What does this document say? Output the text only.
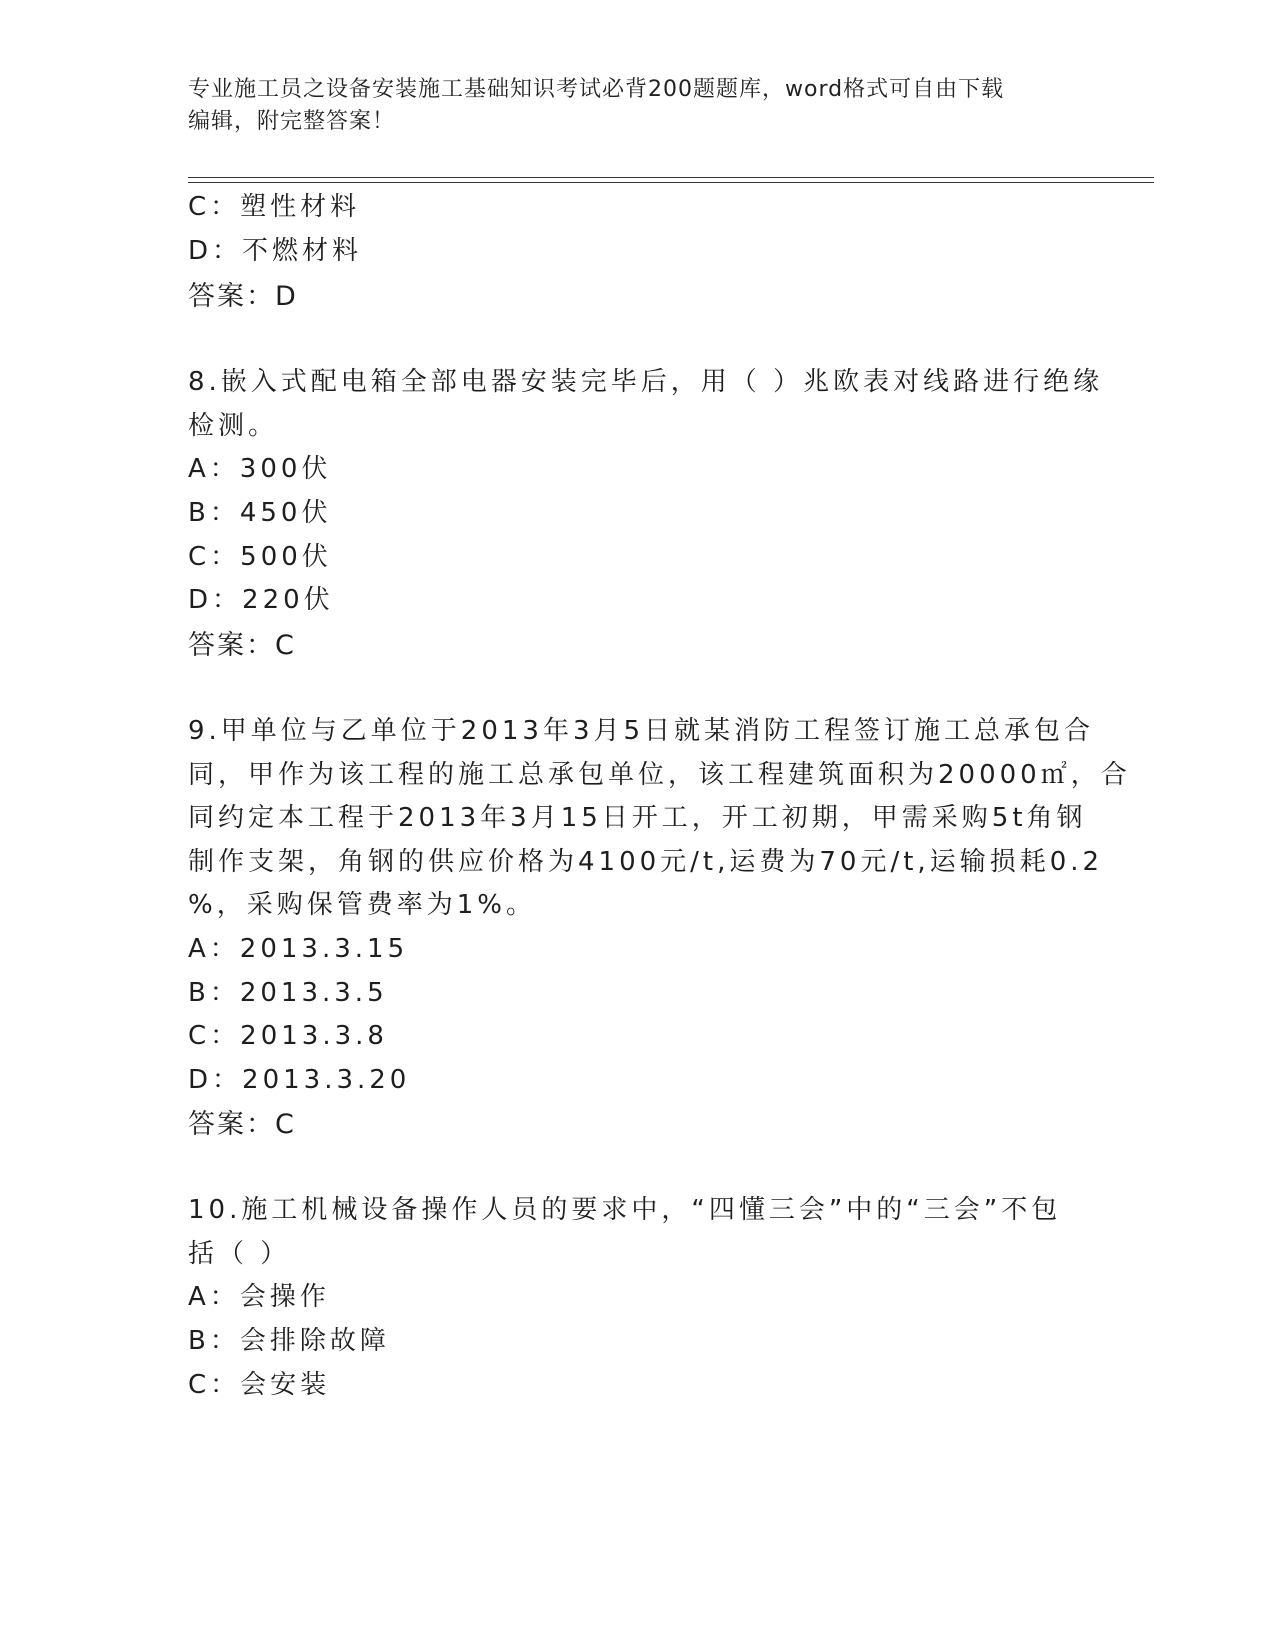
专业施工员之设备安装施工基础知识考试必背200题题库，word格式可自由下载
编辑，附完整答案！
C：塑性材料
D：不燃材料
答案：D
8.嵌入式配电箱全部电器安装完毕后，用（ ）兆欧表对线路进行绝缘
检测。
A：300伏
B：450伏
C：500伏
D：220伏
答案：C
9.甲单位与乙单位于2013年3月5日就某消防工程签订施工总承包合
同，甲作为该工程的施工总承包单位，该工程建筑面积为20000㎡，合
同约定本工程于2013年3月15日开工，开工初期，甲需采购5t角钢
制作支架，角钢的供应价格为4100元/t,运费为70元/t,运输损耗0.2
%，采购保管费率为1%。
A：2013.3.15
B：2013.3.5
C：2013.3.8
D：2013.3.20
答案：C
10.施工机械设备操作人员的要求中，“四懂三会”中的“三会”不包
括（ ）
A：会操作
B：会排除故障
C：会安装
